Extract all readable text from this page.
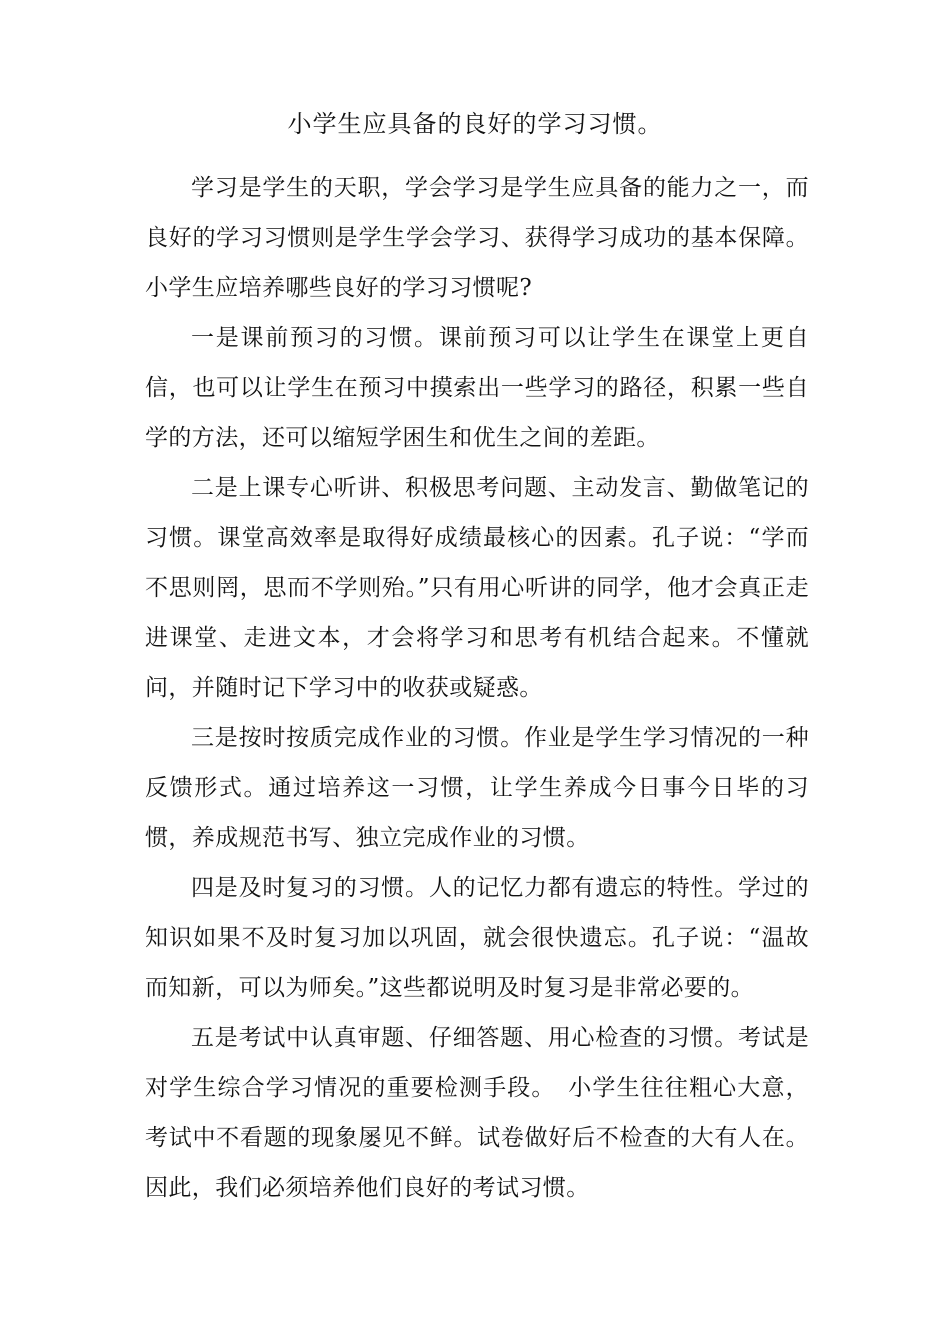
小学生应具备的良好的学习习惯。

学习是学生的天职，学会学习是学生应具备的能力之一，而良好的学习习惯则是学生学会学习、获得学习成功的基本保障。小学生应培养哪些良好的学习习惯呢?

一是课前预习的习惯。课前预习可以让学生在课堂上更自信，也可以让学生在预习中摸索出一些学习的路径，积累一些自学的方法，还可以缩短学困生和优生之间的差距。

二是上课专心听讲、积极思考问题、主动发言、勤做笔记的习惯。课堂高效率是取得好成绩最核心的因素。孔子说：“学而不思则罔，思而不学则殆。”只有用心听讲的同学，他才会真正走进课堂、走进文本，才会将学习和思考有机结合起来。不懂就问，并随时记下学习中的收获或疑惑。

三是按时按质完成作业的习惯。作业是学生学习情况的一种反馈形式。通过培养这一习惯，让学生养成今日事今日毕的习惯，养成规范书写、独立完成作业的习惯。

四是及时复习的习惯。人的记忆力都有遗忘的特性。学过的知识如果不及时复习加以巩固，就会很快遗忘。孔子说：“温故而知新，可以为师矣。”这些都说明及时复习是非常必要的。

五是考试中认真审题、仔细答题、用心检查的习惯。考试是对学生综合学习情况的重要检测手段。　小学生往往粗心大意，考试中不看题的现象屡见不鲜。试卷做好后不检查的大有人在。因此，我们必须培养他们良好的考试习惯。
